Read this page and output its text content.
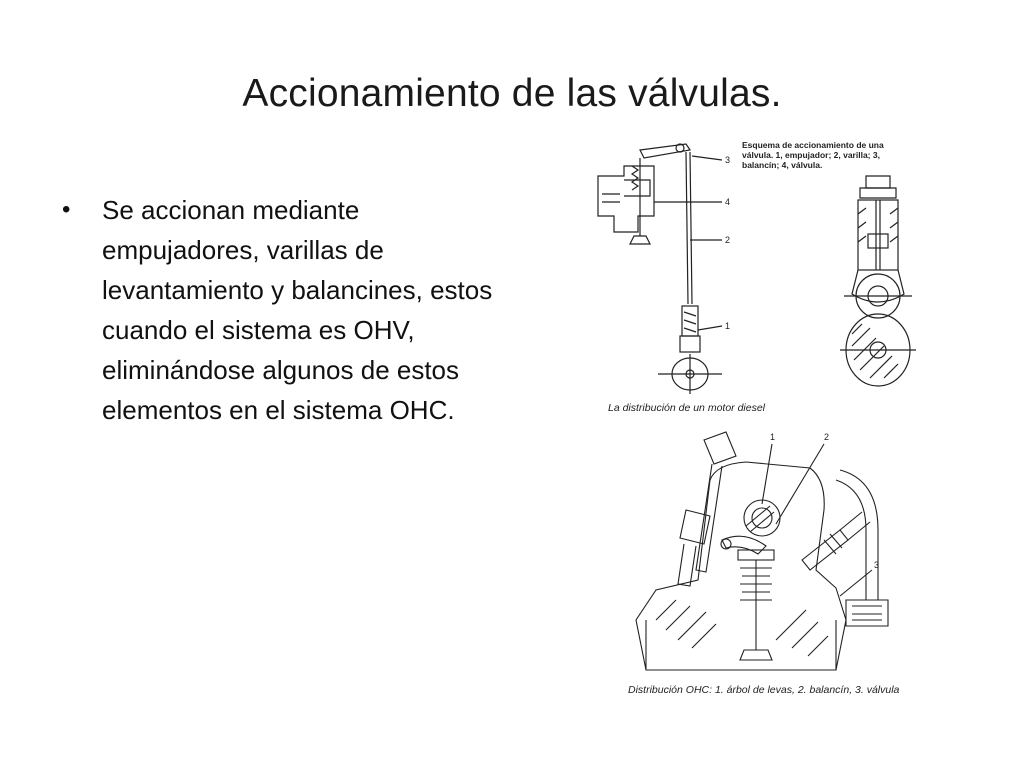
Accionamiento de las válvulas.
• Se accionan mediante empujadores, varillas de levantamiento y balancines, estos cuando el sistema es OHV, eliminándose algunos de estos elementos en el sistema OHC.
3
4
2
1
Esquema de accionamiento de una válvula. 1, empujador; 2, varilla; 3, balancín; 4, válvula.
La distribución de un motor diesel
1	2
3
Distribución OHC: 1. árbol de levas, 2. balancín, 3. válvula
